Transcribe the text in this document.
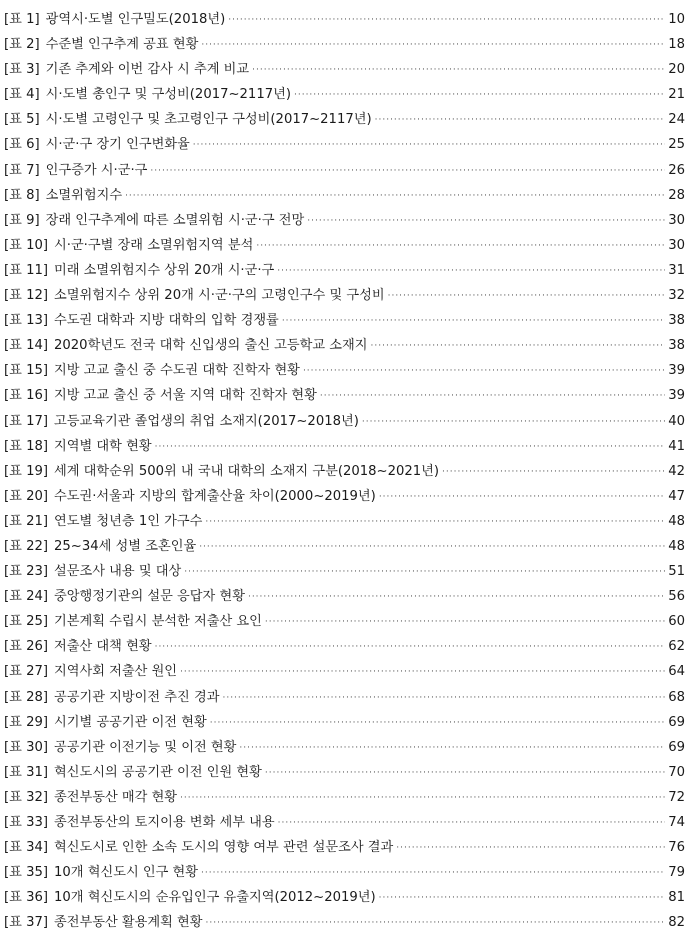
[표 1] 광역시·도별 인구밀도(2018년) ·····	10
[표 2] 수준별 인구추계 공표 현황 ·····	18
[표 3] 기존 추계와 이번 감사 시 추계 비교 ·····	20
[표 4] 시·도별 총인구 및 구성비(2017~2117년) ·····	21
[표 5] 시·도별 고령인구 및 초고령인구 구성비(2017~2117년) ·····	24
[표 6] 시·군·구 장기 인구변화율 ·····	25
[표 7] 인구증가 시·군·구 ·····	26
[표 8] 소멸위험지수 ·····	28
[표 9] 장래 인구추계에 따른 소멸위험 시·군·구 전망 ·····	30
[표 10] 시·군·구별 장래 소멸위험지역 분석 ·····	30
[표 11] 미래 소멸위험지수 상위 20개 시·군·구 ·····	31
[표 12] 소멸위험지수 상위 20개 시·군·구의 고령인구수 및 구성비 ·····	32
[표 13] 수도권 대학과 지방 대학의 입학 경쟁률 ·····	38
[표 14] 2020학년도 전국 대학 신입생의 출신 고등학교 소재지 ·····	38
[표 15] 지방 고교 출신 중 수도권 대학 진학자 현황 ·····	39
[표 16] 지방 고교 출신 중 서울 지역 대학 진학자 현황 ·····	39
[표 17] 고등교육기관 졸업생의 취업 소재지(2017~2018년) ·····	40
[표 18] 지역별 대학 현황 ·····	41
[표 19] 세계 대학순위 500위 내 국내 대학의 소재지 구분(2018~2021년) ·····	42
[표 20] 수도권·서울과 지방의 합계출산율 차이(2000~2019년) ·····	47
[표 21] 연도별 청년층 1인 가구수 ·····	48
[표 22] 25~34세 성별 조혼인율 ·····	48
[표 23] 설문조사 내용 및 대상 ·····	51
[표 24] 중앙행정기관의 설문 응답자 현황 ·····	56
[표 25] 기본계획 수립시 분석한 저출산 요인 ·····	60
[표 26] 저출산 대책 현황 ·····	62
[표 27] 지역사회 저출산 원인 ·····	64
[표 28] 공공기관 지방이전 추진 경과 ·····	68
[표 29] 시기별 공공기관 이전 현황 ·····	69
[표 30] 공공기관 이전기능 및 이전 현황 ·····	69
[표 31] 혁신도시의 공공기관 이전 인원 현황 ·····	70
[표 32] 종전부동산 매각 현황 ·····	72
[표 33] 종전부동산의 토지이용 변화 세부 내용 ·····	74
[표 34] 혁신도시로 인한 소속 도시의 영향 여부 관련 설문조사 결과 ·····	76
[표 35] 10개 혁신도시 인구 현황 ·····	79
[표 36] 10개 혁신도시의 순유입인구 유출지역(2012~2019년) ·····	81
[표 37] 종전부동산 활용계획 현황 ·····	82
